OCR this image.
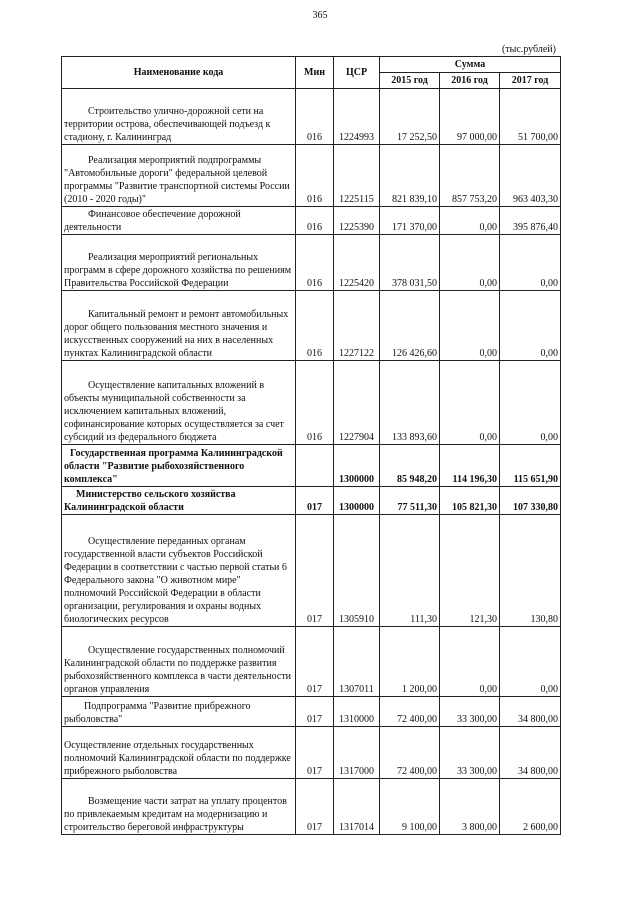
365
(тыс.рублей)
Наименование кода	Мин	ЦСР	Сумма		
			2015 год	2016 год	2017 год
Строительство улично-дорожной сети на территории острова, обеспечивающей подъезд к стадиону, г. Калининград	016	1224993	17 252,50	97 000,00	51 700,00
Реализация мероприятий подпрограммы "Автомобильные дороги" федеральной целевой программы "Развитие транспортной системы России (2010 - 2020 годы)"	016	1225115	821 839,10	857 753,20	963 403,30
Финансовое обеспечение дорожной деятельности	016	1225390	171 370,00	0,00	395 876,40
Реализация мероприятий региональных программ в сфере дорожного хозяйства по решениям Правительства Российской Федерации	016	1225420	378 031,50	0,00	0,00
Капитальный ремонт и ремонт автомобильных дорог общего пользования местного значения и искусственных сооружений на них в населенных пунктах Калининградской области	016	1227122	126 426,60	0,00	0,00
Осуществление капитальных вложений в объекты муниципальной собственности за исключением капитальных вложений, софинансирование которых осуществляется за счет субсидий из федерального бюджета	016	1227904	133 893,60	0,00	0,00
Государственная программа Калининградской области "Развитие рыбохозяйственного комплекса"		1300000	85 948,20	114 196,30	115 651,90
Министерство сельского хозяйства Калининградской области	017	1300000	77 511,30	105 821,30	107 330,80
Осуществление переданных органам государственной власти субъектов Российской Федерации в соответствии с частью первой статьи 6 Федерального закона "О животном мире" полномочий Российской Федерации в области организации, регулирования и охраны водных биологических ресурсов	017	1305910	111,30	121,30	130,80
Осуществление государственных полномочий Калининградской области по поддержке развития рыбохозяйственного комплекса в части деятельности органов управления	017	1307011	1 200,00	0,00	0,00
Подпрограмма "Развитие прибрежного рыболовства"	017	1310000	72 400,00	33 300,00	34 800,00
Осуществление отдельных государственных полномочий Калининградской области по поддержке прибрежного рыболовства	017	1317000	72 400,00	33 300,00	34 800,00
Возмещение части затрат на уплату процентов по привлекаемым кредитам на модернизацию и строительство береговой инфраструктуры	017	1317014	9 100,00	3 800,00	2 600,00
